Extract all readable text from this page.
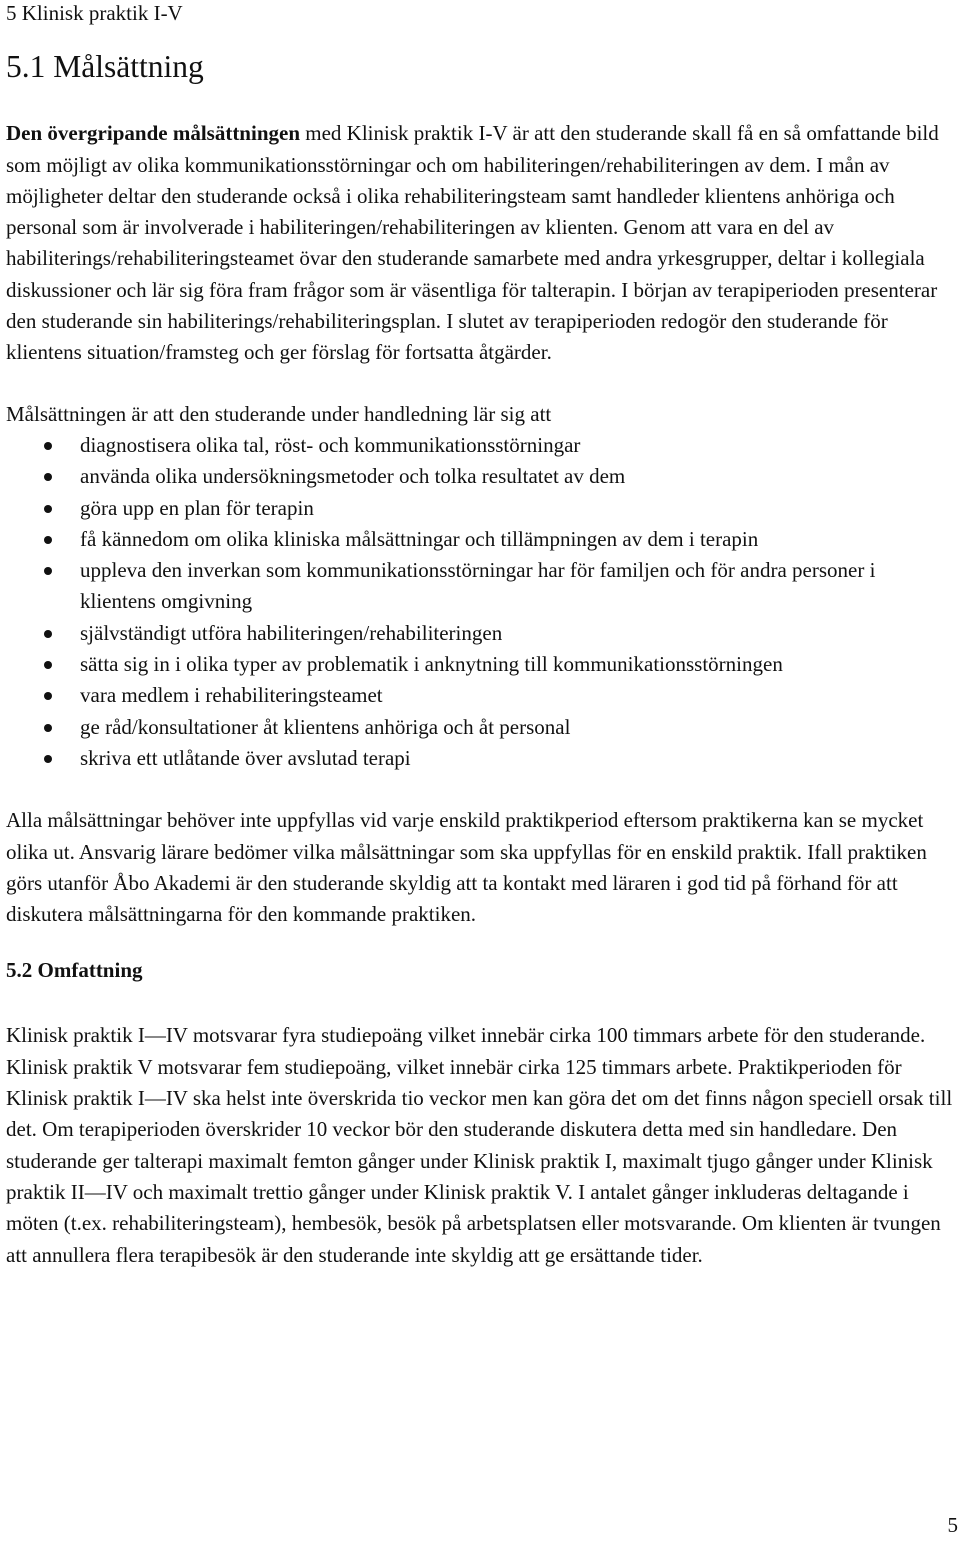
5 Klinisk praktik I-V
5.1 Målsättning

Den övergripande målsättningen med Klinisk praktik I-V är att den studerande skall få en så omfattande bild som möjligt av olika kommunikationsstörningar och om habiliteringen/rehabiliteringen av dem. I mån av möjligheter deltar den studerande också i olika rehabiliteringsteam samt handleder klientens anhöriga och personal som är involverade i habiliteringen/rehabiliteringen av klienten. Genom att vara en del av habiliterings/rehabiliteringsteamet övar den studerande samarbete med andra yrkesgrupper, deltar i kollegiala diskussioner och lär sig föra fram frågor som är väsentliga för talterapin. I början av terapiperioden presenterar den studerande sin habiliterings/rehabiliteringsplan. I slutet av terapiperioden redogör den studerande för klientens situation/framsteg och ger förslag för fortsatta åtgärder.

Målsättningen är att den studerande under handledning lär sig att

diagnostisera olika tal, röst- och kommunikationsstörningar
använda olika undersökningsmetoder och tolka resultatet av dem
göra upp en plan för terapin
få kännedom om olika kliniska målsättningar och tillämpningen av dem i terapin
uppleva den inverkan som kommunikationsstörningar har för familjen och för andra personer i klientens omgivning
självständigt utföra habiliteringen/rehabiliteringen
sätta sig in i olika typer av problematik i anknytning till kommunikationsstörningen
vara medlem i rehabiliteringsteamet
ge råd/konsultationer åt klientens anhöriga och åt personal
skriva ett utlåtande över avslutad terapi

Alla målsättningar behöver inte uppfyllas vid varje enskild praktikperiod eftersom praktikerna kan se mycket olika ut. Ansvarig lärare bedömer vilka målsättningar som ska uppfyllas för en enskild praktik. Ifall praktiken görs utanför Åbo Akademi är den studerande skyldig att ta kontakt med läraren i god tid på förhand för att diskutera målsättningarna för den kommande praktiken.

5.2 Omfattning

Klinisk praktik I—IV motsvarar fyra studiepoäng vilket innebär cirka 100 timmars arbete för den studerande. Klinisk praktik V motsvarar fem studiepoäng, vilket innebär cirka 125 timmars arbete. Praktikperioden för Klinisk praktik I—IV ska helst inte överskrida tio veckor men kan göra det om det finns någon speciell orsak till det. Om terapiperioden överskrider 10 veckor bör den studerande diskutera detta med sin handledare. Den studerande ger talterapi maximalt femton gånger under Klinisk praktik I, maximalt tjugo gånger under Klinisk praktik II—IV och maximalt trettio gånger under Klinisk praktik V. I antalet gånger inkluderas deltagande i möten (t.ex. rehabiliteringsteam), hembesök, besök på arbetsplatsen eller motsvarande. Om klienten är tvungen att annullera flera terapibesök är den studerande inte skyldig att ge ersättande tider.

5
